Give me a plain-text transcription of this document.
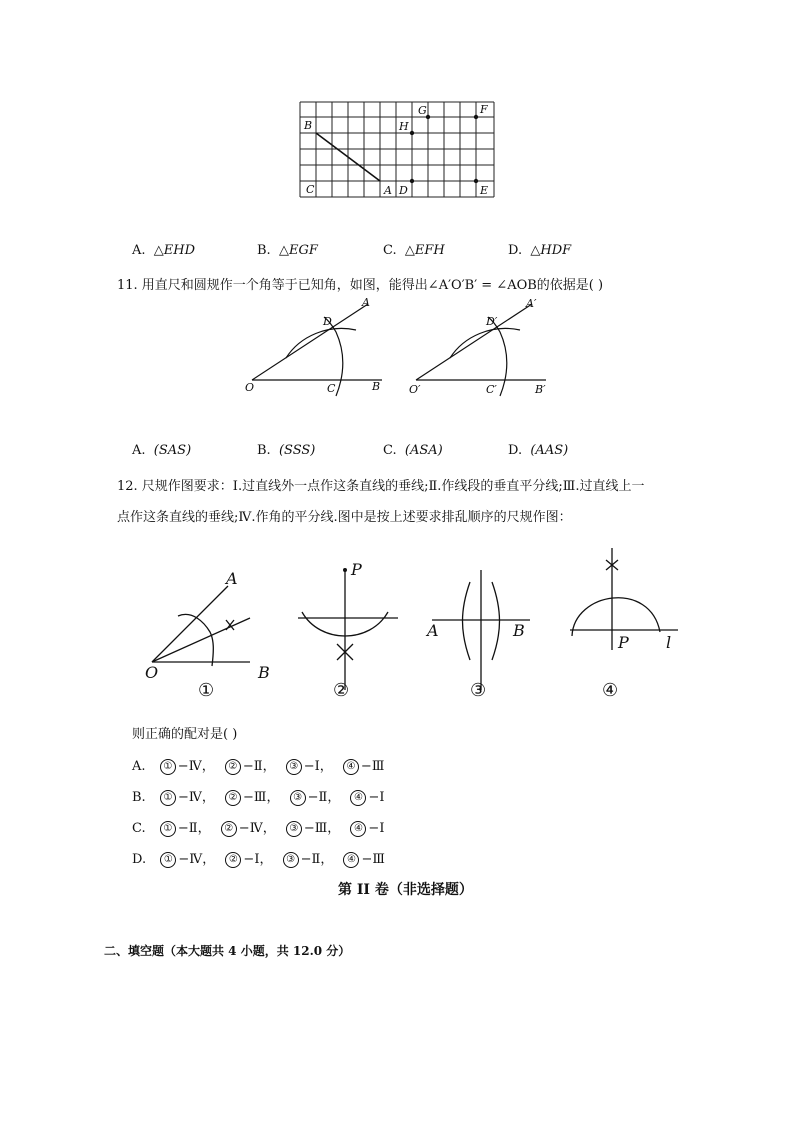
G	F
B	H
C	A D	E
A. △EHD	B. △EGF	C. △EFH	D. △HDF
11. 用直尺和圆规作一个角等于已知角，如图，能得出∠A′O′B′ = ∠AOB的依据是( )
A
D
O	C	B
A′
D′
O′	C′	B′
A. (SAS)	B. (SSS)	C. (ASA)	D. (AAS)
12. 尺规作图要求：Ⅰ.过直线外一点作这条直线的垂线;Ⅱ.作线段的垂直平分线;Ⅲ.过直线上一
点作这条直线的垂线;Ⅳ.作角的平分线.图中是按上述要求排乱顺序的尺规作图：
A
O	B
P
A	B
P l
①	②	③	④
则正确的配对是( )
A. ① −Ⅳ， ② −Ⅱ， ③ −Ⅰ， ④ −Ⅲ
B. ① −Ⅳ， ② −Ⅲ， ③ −Ⅱ， ④ −Ⅰ
C. ① −Ⅱ， ② −Ⅳ， ③ −Ⅲ， ④ −Ⅰ
D. ① −Ⅳ， ② −Ⅰ， ③ −Ⅱ， ④ −Ⅲ
第 II 卷（非选择题）
二、填空题（本大题共 4 小题，共 12.0 分）
